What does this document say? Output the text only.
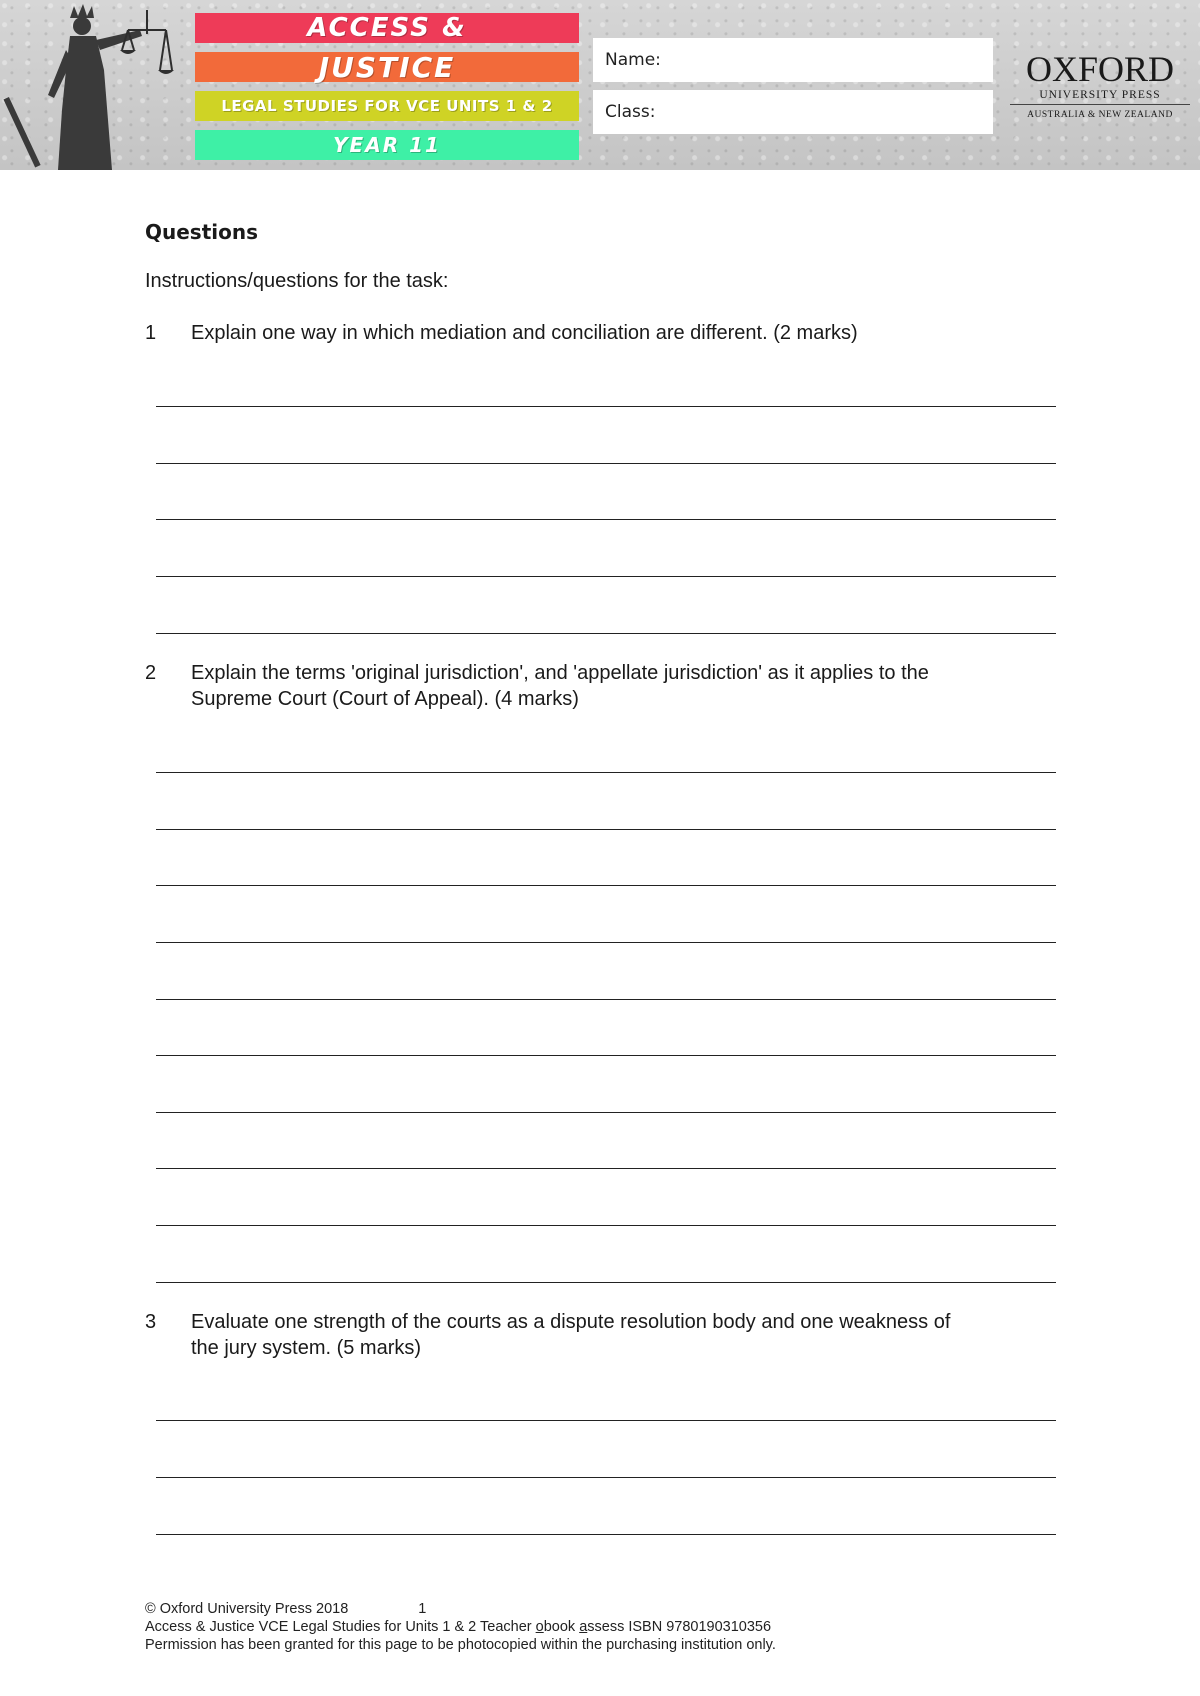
ACCESS &
JUSTICE
LEGAL STUDIES FOR VCE UNITS 1 & 2
YEAR 11
Name:
Class:
OXFORD
UNIVERSITY PRESS
AUSTRALIA & NEW ZEALAND
Questions
Instructions/questions for the task:
1 Explain one way in which mediation and conciliation are different. (2 marks)
2 Explain the terms 'original jurisdiction', and 'appellate jurisdiction' as it applies to the
Supreme Court (Court of Appeal). (4 marks)
3 Evaluate one strength of the courts as a dispute resolution body and one weakness of
the jury system. (5 marks)
© Oxford University Press 2018	1
Access & Justice VCE Legal Studies for Units 1 & 2 Teacher obook assess ISBN 9780190310356
Permission has been granted for this page to be photocopied within the purchasing institution only.
